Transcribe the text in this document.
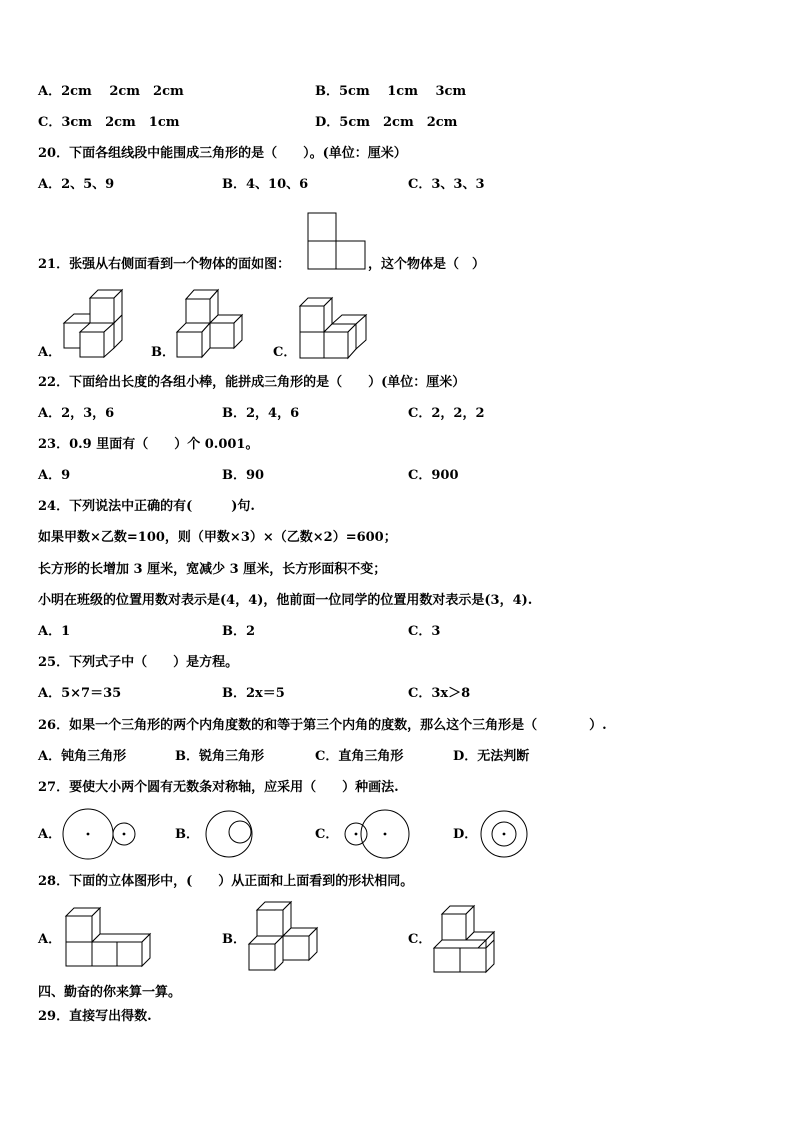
A．2cm　 2cm　2cm	B．5cm　 1cm　 3cm
C．3cm　2cm　1cm	D．5cm　2cm　2cm
20．下面各组线段中能围成三角形的是（　　）。(单位：厘米）
A．2、5、9	B．4、10、6	C．3、3、3
21．张强从右侧面看到一个物体的面如图：	，这个物体是（　）
A．	B．	C．
22．下面给出长度的各组小棒，能拼成三角形的是（　　）(单位：厘米）
A．2，3，6	B．2，4，6	C．2，2，2
23．0.9 里面有（　　）个 0.001。
A．9	B．90	C．900
24．下列说法中正确的有(　　　)句.
如果甲数×乙数=100，则（甲数×3）×（乙数×2）=600；
长方形的长增加 3 厘米，宽减少 3 厘米，长方形面积不变；
小明在班级的位置用数对表示是(4，4)，他前面一位同学的位置用数对表示是(3，4).
A．1	B．2	C．3
25．下列式子中（　　）是方程。
A．5×7＝35	B．2x＝5	C．3x＞8
26．如果一个三角形的两个内角度数的和等于第三个内角的度数，那么这个三角形是（　　　　）.
A．钝角三角形	B．锐角三角形	C．直角三角形	D．无法判断
27．要使大小两个圆有无数条对称轴，应采用（　　）种画法.
A．	B．	C．	D．
28．下面的立体图形中，(　　）从正面和上面看到的形状相同。
A．	B．	C．
四、勤奋的你来算一算。
29．直接写出得数.
